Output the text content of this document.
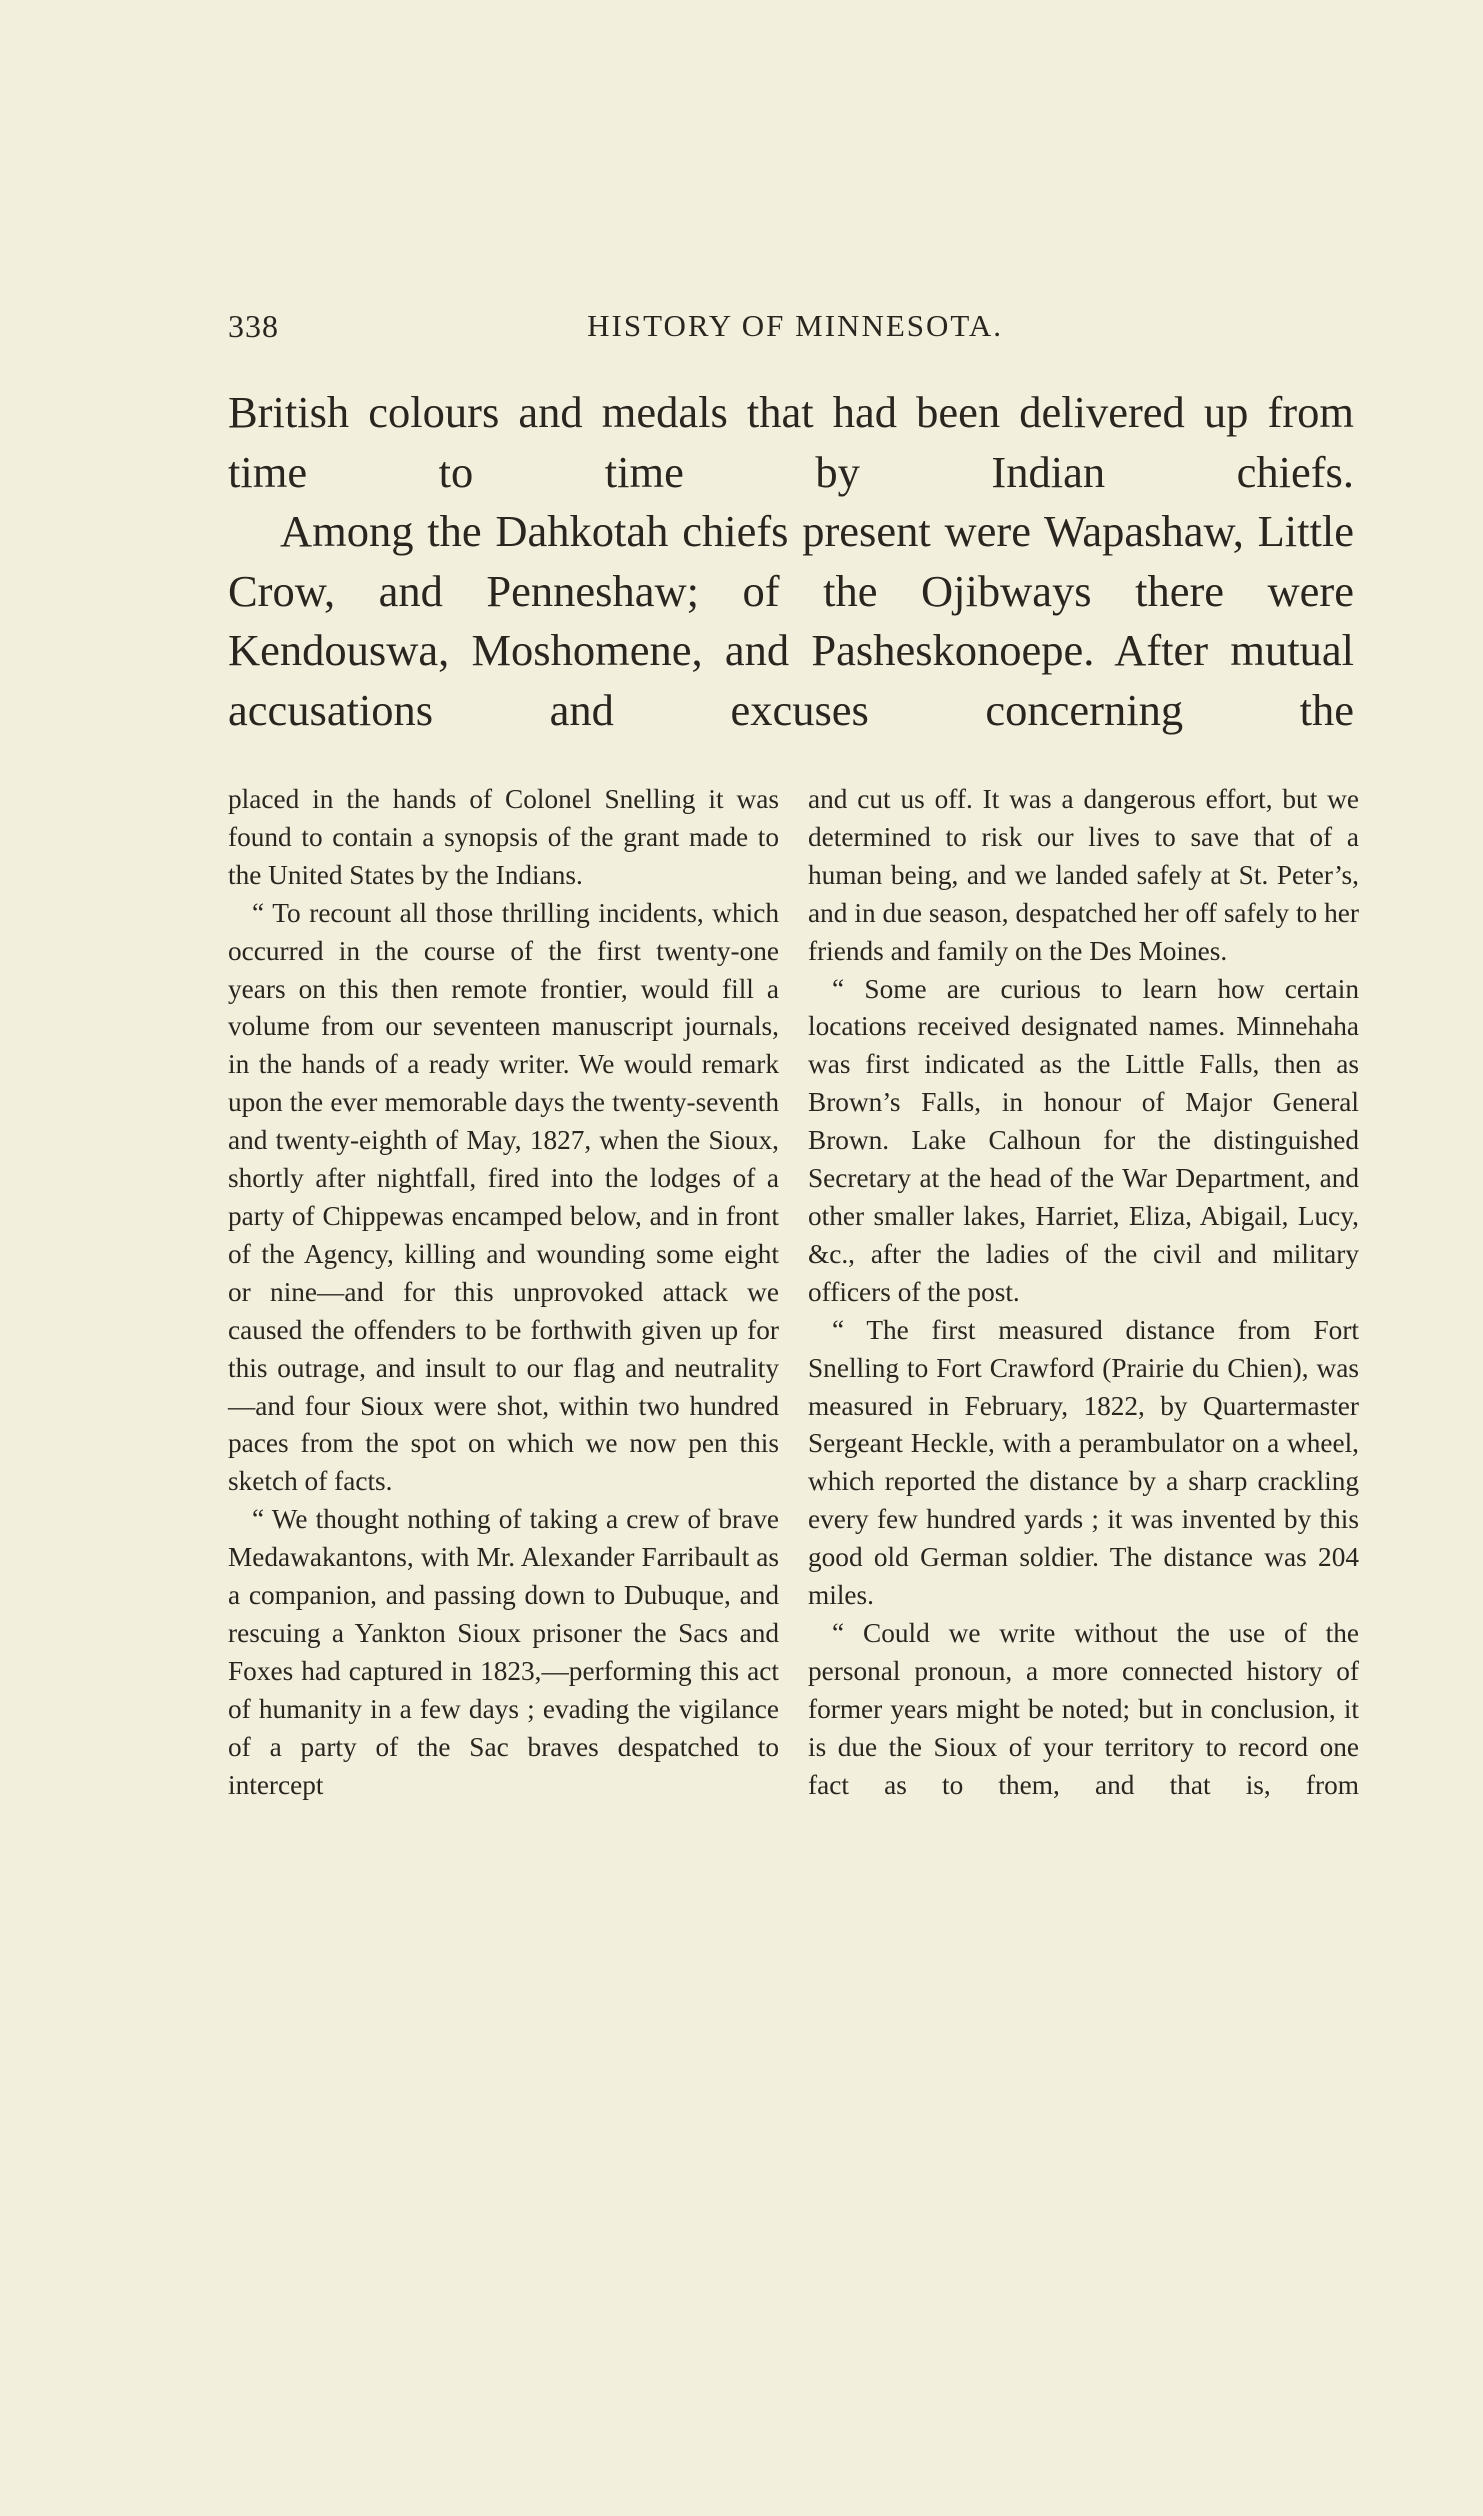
338	HISTORY OF MINNESOTA.

British colours and medals that had been delivered up from time to time by Indian chiefs.

Among the Dahkotah chiefs present were Wapashaw, Little Crow, and Penneshaw; of the Ojibways there were Kendouswa, Moshomene, and Pasheskonoepe. After mutual accusations and excuses concerning the

placed in the hands of Colonel Snelling it was found to contain a synopsis of the grant made to the United States by the Indians.

“ To recount all those thrilling incidents, which occurred in the course of the first twenty-one years on this then remote frontier, would fill a volume from our seventeen manuscript journals, in the hands of a ready writer. We would remark upon the ever memorable days the twenty-seventh and twenty-eighth of May, 1827, when the Sioux, shortly after nightfall, fired into the lodges of a party of Chippewas encamped below, and in front of the Agency, killing and wounding some eight or nine—and for this unprovoked attack we caused the offenders to be forthwith given up for this outrage, and insult to our flag and neutrality—and four Sioux were shot, within two hundred paces from the spot on which we now pen this sketch of facts.

“ We thought nothing of taking a crew of brave Medawakantons, with Mr. Alexander Farribault as a companion, and passing down to Dubuque, and rescuing a Yankton Sioux prisoner the Sacs and Foxes had captured in 1823,—performing this act of humanity in a few days ; evading the vigilance of a party of the Sac braves despatched to intercept

and cut us off. It was a dangerous effort, but we determined to risk our lives to save that of a human being, and we landed safely at St. Peter’s, and in due season, despatched her off safely to her friends and family on the Des Moines.

“ Some are curious to learn how certain locations received designated names. Minnehaha was first indicated as the Little Falls, then as Brown’s Falls, in honour of Major General Brown. Lake Calhoun for the distinguished Secretary at the head of the War Department, and other smaller lakes, Harriet, Eliza, Abigail, Lucy, &c., after the ladies of the civil and military officers of the post.

“ The first measured distance from Fort Snelling to Fort Crawford (Prairie du Chien), was measured in February, 1822, by Quartermaster Sergeant Heckle, with a perambulator on a wheel, which reported the distance by a sharp crackling every few hundred yards ; it was invented by this good old German soldier. The distance was 204 miles.

“ Could we write without the use of the personal pronoun, a more connected history of former years might be noted; but in conclusion, it is due the Sioux of your territory to record one fact as to them, and that is, from
